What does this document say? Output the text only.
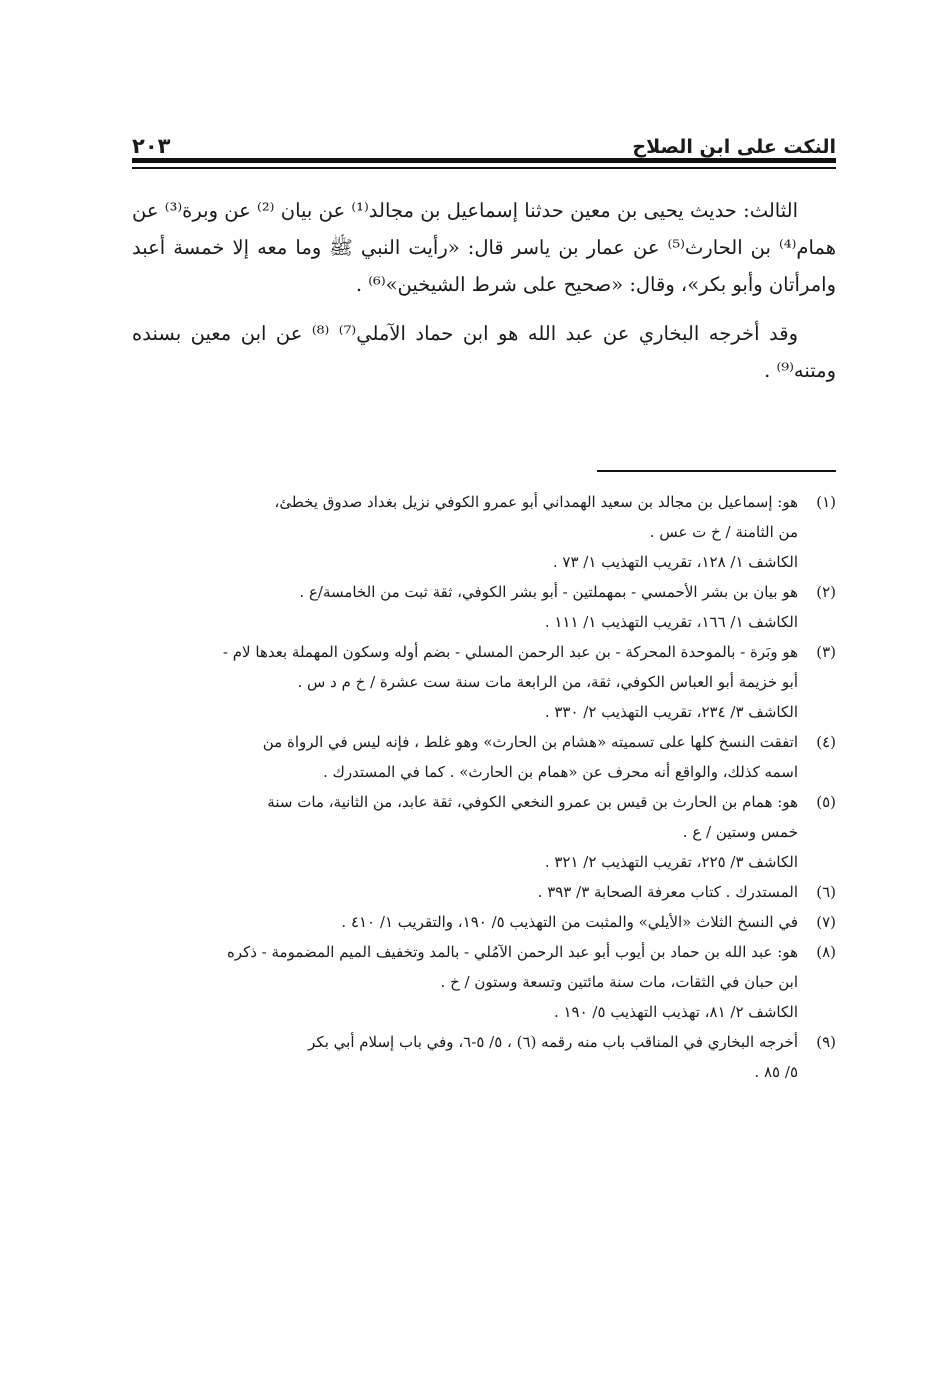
النكت على ابن الصلاح
٢٠٣

الثالث: حديث يحيى بن معين حدثنا إسماعيل بن مجالد⁽¹⁾ عن بيان ⁽²⁾ عن وبرة⁽³⁾ عن همام⁽⁴⁾ بن الحارث⁽⁵⁾ عن عمار بن ياسر قال: «رأيت النبي ﷺ وما معه إلا خمسة أعبد وامرأتان وأبو بكر»، وقال: «صحيح على شرط الشيخين»⁽⁶⁾ .

وقد أخرجه البخاري عن عبد الله هو ابن حماد الآملي⁽⁷⁾ ⁽⁸⁾ عن ابن معين بسنده ومتنه⁽⁹⁾ .

(١)
هو: إسماعيل بن مجالد بن سعيد الهمداني أبو عمرو الكوفي نزيل بغداد صدوق يخطئ،
من الثامنة / خ ت عس .
الكاشف ١/ ١٢٨، تقريب التهذيب ١/ ٧٣ .
(٢)
هو بيان بن بشر الأحمسي - بمهملتين - أبو بشر الكوفي، ثقة ثبت من الخامسة/ع .
الكاشف ١/ ١٦٦، تقريب التهذيب ١/ ١١١ .
(٣)
هو وبَرة - بالموحدة المحركة - بن عبد الرحمن المسلي - بضم أوله وسكون المهملة بعدها لام -
أبو خزيمة أبو العباس الكوفي، ثقة، من الرابعة مات سنة ست عشرة / خ م د س .
الكاشف ٣/ ٢٣٤، تقريب التهذيب ٢/ ٣٣٠ .
(٤)
اتفقت النسخ كلها على تسميته «هشام بن الحارث» وهو غلط ، فإنه ليس في الرواة من
اسمه كذلك، والواقع أنه محرف عن «همام بن الحارث» . كما في المستدرك .
(٥)
هو: همام بن الحارث بن قيس بن عمرو النخعي الكوفي، ثقة عابد، من الثانية، مات سنة
خمس وستين / ع .
الكاشف ٣/ ٢٢٥، تقريب التهذيب ٢/ ٣٢١ .
(٦)
المستدرك . كتاب معرفة الصحابة ٣/ ٣٩٣ .
(٧)
في النسخ الثلاث «الأيلي» والمثبت من التهذيب ٥/ ١٩٠، والتقريب ١/ ٤١٠ .
(٨)
هو: عبد الله بن حماد بن أيوب أبو عبد الرحمن الآمُلي - بالمد وتخفيف الميم المضمومة - ذكره
ابن حبان في الثقات، مات سنة مائتين وتسعة وستون / خ .
الكاشف ٢/ ٨١، تهذيب التهذيب ٥/ ١٩٠ .
(٩)
أخرجه البخاري في المناقب باب منه رقمه (٦) ، ٥/ ٥-٦، وفي باب إسلام أبي بكر
٥/ ٨٥ .
